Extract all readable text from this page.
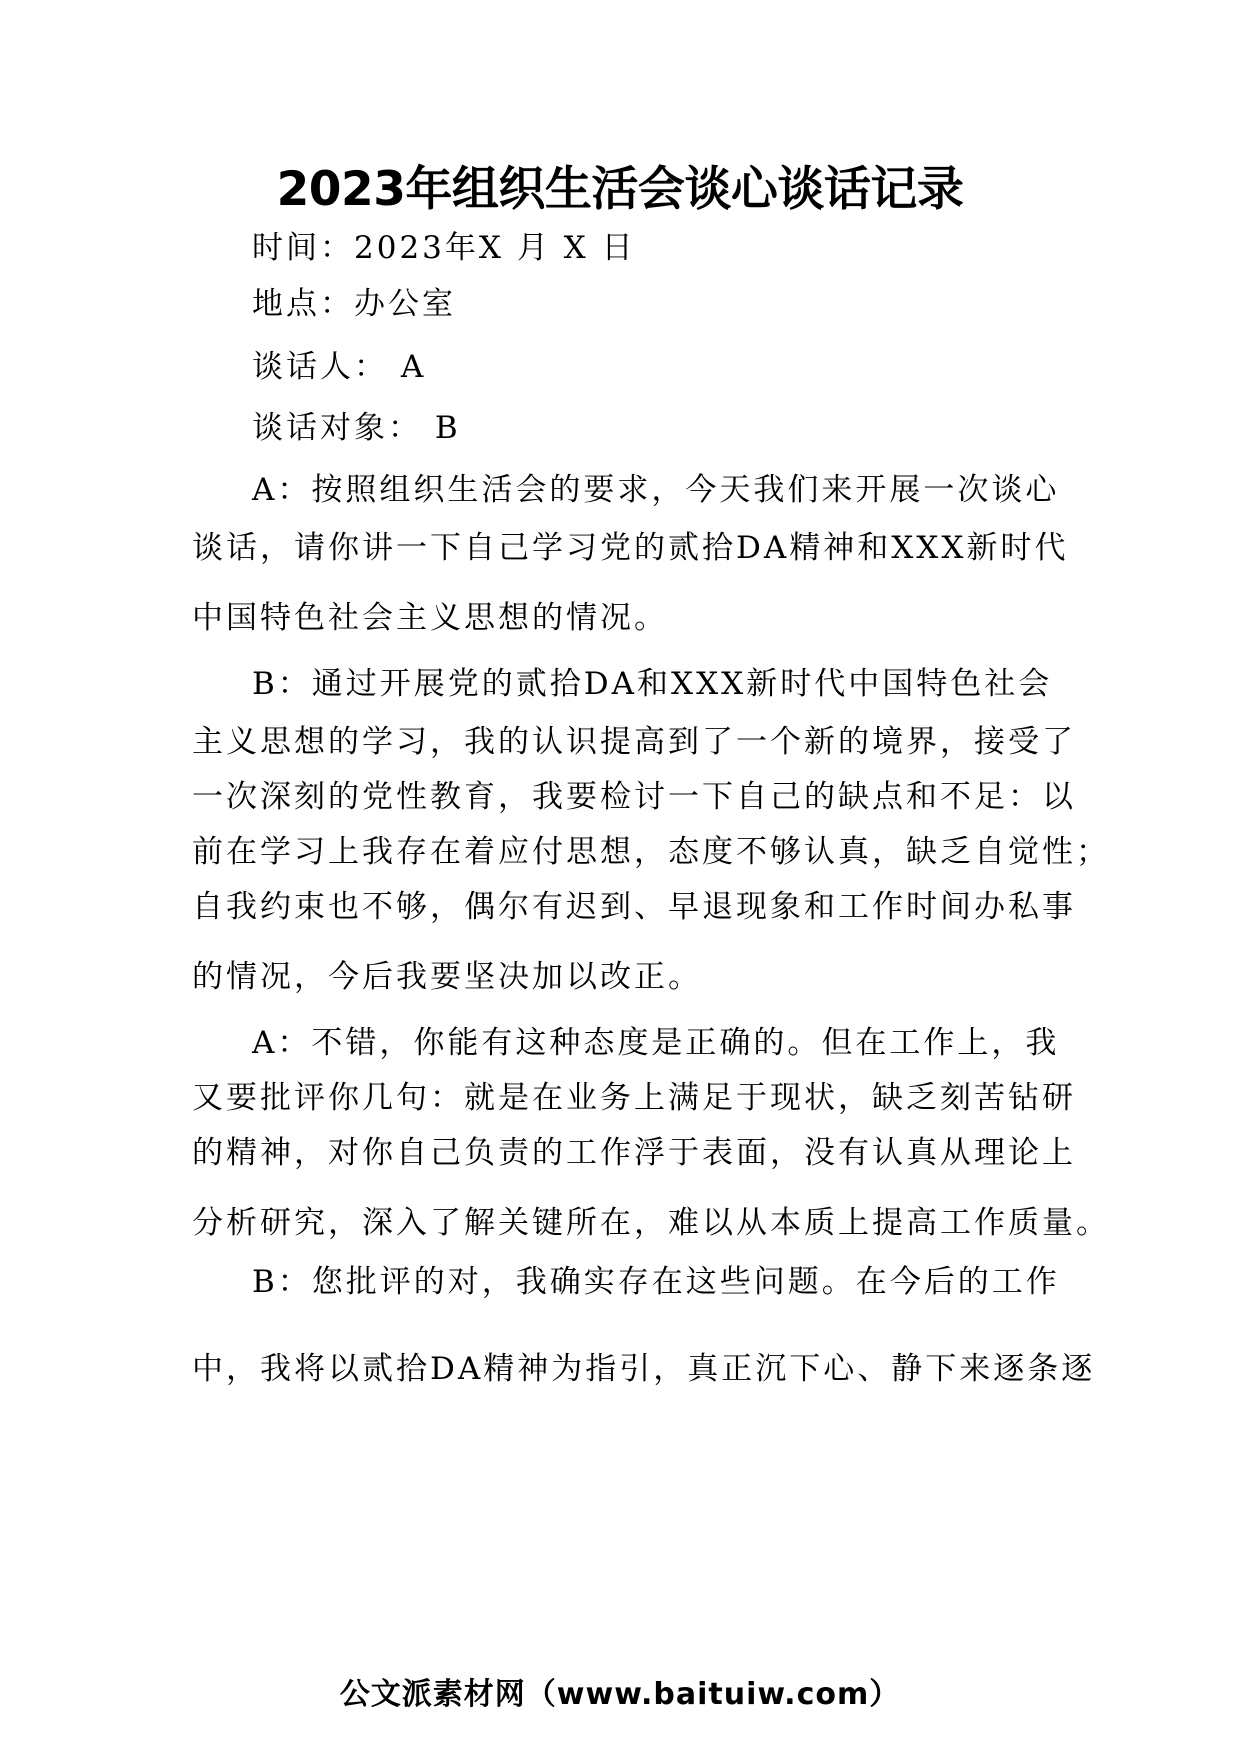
2023年组织生活会谈心谈话记录
时间：2023年X 月 X 日
地点：办公室
谈话人： A
谈话对象： B
A：按照组织生活会的要求，今天我们来开展一次谈心
谈话，请你讲一下自己学习党的贰拾DA精神和XXX新时代
中国特色社会主义思想的情况。
B：通过开展党的贰拾DA和XXX新时代中国特色社会
主义思想的学习，我的认识提高到了一个新的境界，接受了
一次深刻的党性教育，我要检讨一下自己的缺点和不足：以
前在学习上我存在着应付思想，态度不够认真，缺乏自觉性；
自我约束也不够，偶尔有迟到、早退现象和工作时间办私事
的情况，今后我要坚决加以改正。
A：不错，你能有这种态度是正确的。但在工作上，我
又要批评你几句：就是在业务上满足于现状，缺乏刻苦钻研
的精神，对你自己负责的工作浮于表面，没有认真从理论上
分析研究，深入了解关键所在，难以从本质上提高工作质量。
B：您批评的对，我确实存在这些问题。在今后的工作
中，我将以贰拾DA精神为指引，真正沉下心、静下来逐条逐
公文派素材网（www.baituiw.com）
